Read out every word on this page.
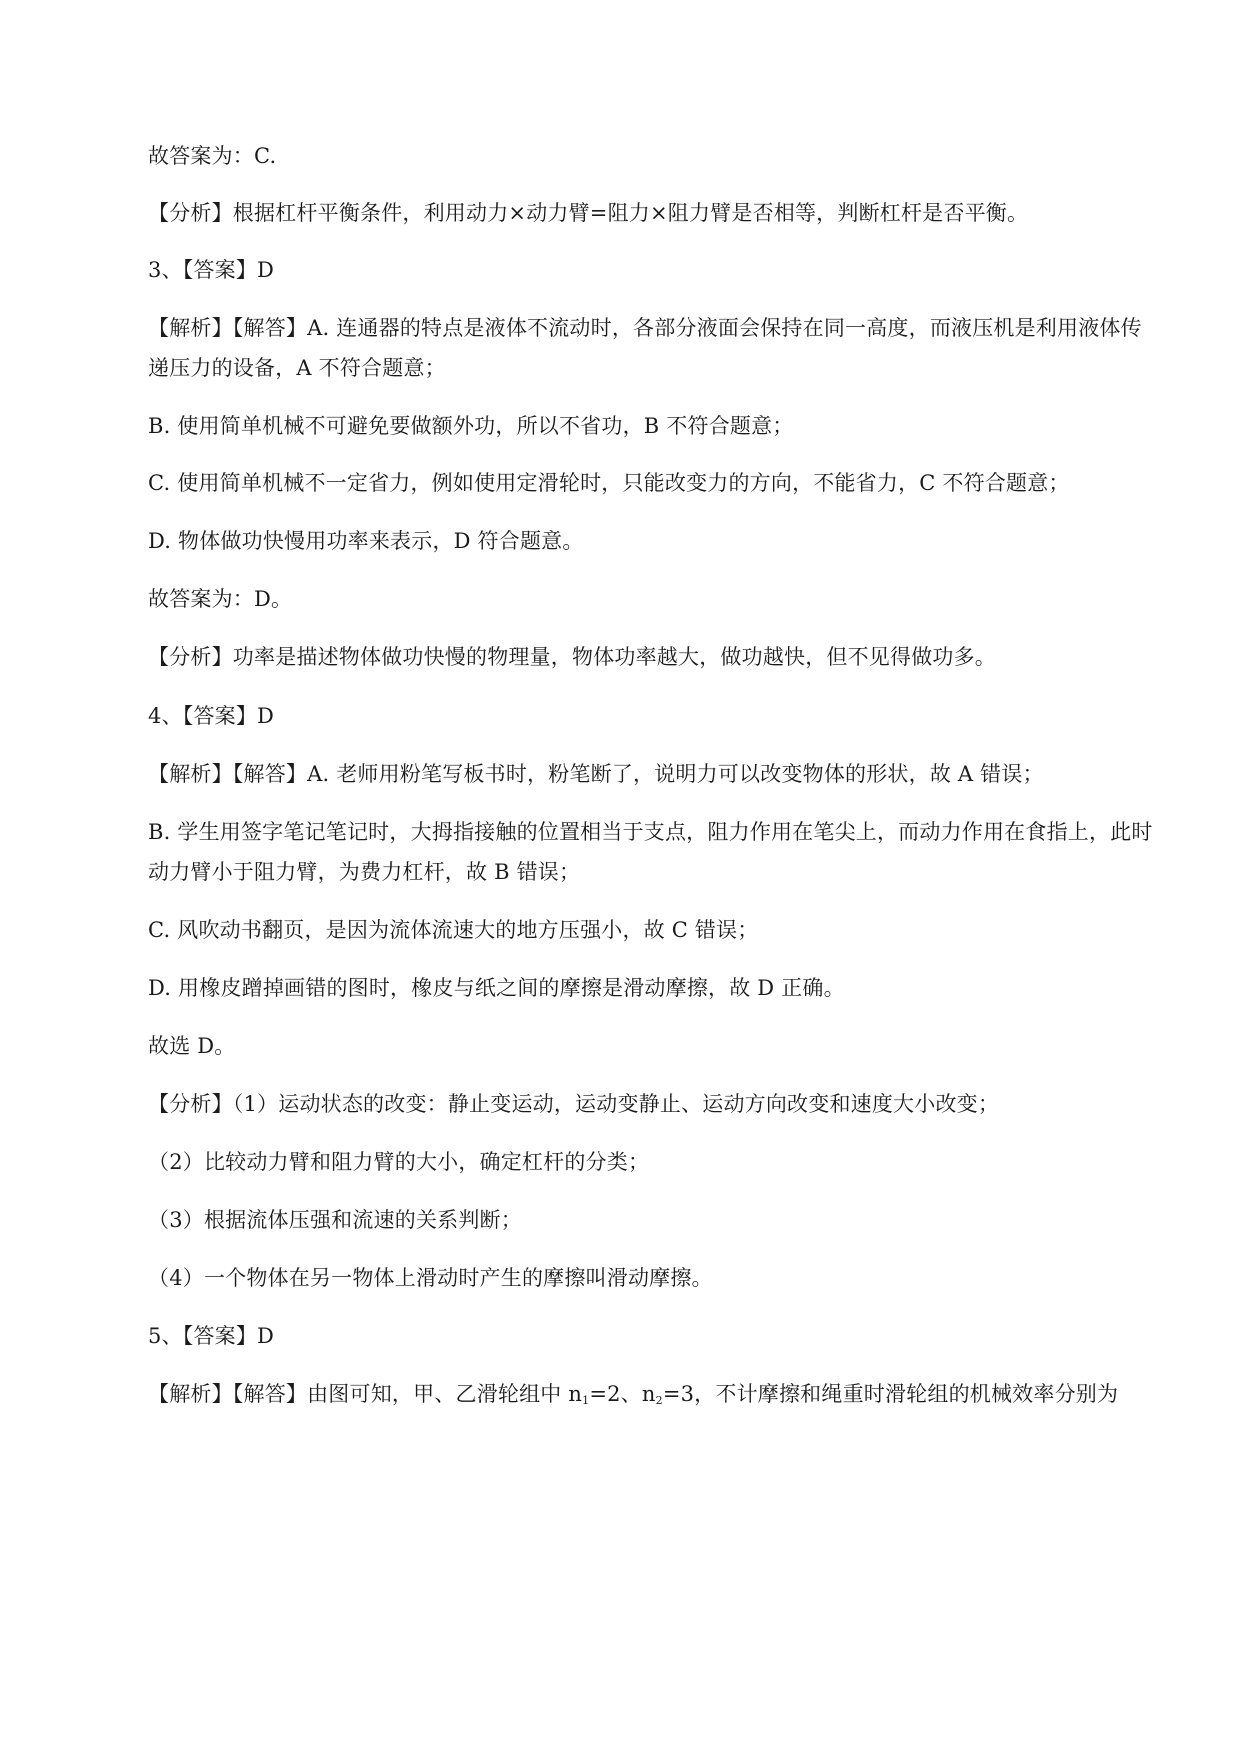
故答案为：C.
【分析】根据杠杆平衡条件，利用动力×动力臂=阻力×阻力臂是否相等，判断杠杆是否平衡。
3、【答案】D
【解析】【解答】A. 连通器的特点是液体不流动时，各部分液面会保持在同一高度，而液压机是利用液体传递压力的设备，A 不符合题意；
B. 使用简单机械不可避免要做额外功，所以不省功，B 不符合题意；
C. 使用简单机械不一定省力，例如使用定滑轮时，只能改变力的方向，不能省力，C 不符合题意；
D. 物体做功快慢用功率来表示，D 符合题意。
故答案为：D。
【分析】功率是描述物体做功快慢的物理量，物体功率越大，做功越快，但不见得做功多。
4、【答案】D
【解析】【解答】A. 老师用粉笔写板书时，粉笔断了，说明力可以改变物体的形状，故 A 错误；
B. 学生用签字笔记笔记时，大拇指接触的位置相当于支点，阻力作用在笔尖上，而动力作用在食指上，此时动力臂小于阻力臂，为费力杠杆，故 B 错误；
C. 风吹动书翻页，是因为流体流速大的地方压强小，故 C 错误；
D. 用橡皮蹭掉画错的图时，橡皮与纸之间的摩擦是滑动摩擦，故 D 正确。
故选 D。
【分析】（1）运动状态的改变：静止变运动，运动变静止、运动方向改变和速度大小改变；
（2）比较动力臂和阻力臂的大小，确定杠杆的分类；
（3）根据流体压强和流速的关系判断；
（4）一个物体在另一物体上滑动时产生的摩擦叫滑动摩擦。
5、【答案】D
【解析】【解答】由图可知，甲、乙滑轮组中 $n_1=2$、$n_2=3$，不计摩擦和绳重时滑轮组的机械效率分别为
